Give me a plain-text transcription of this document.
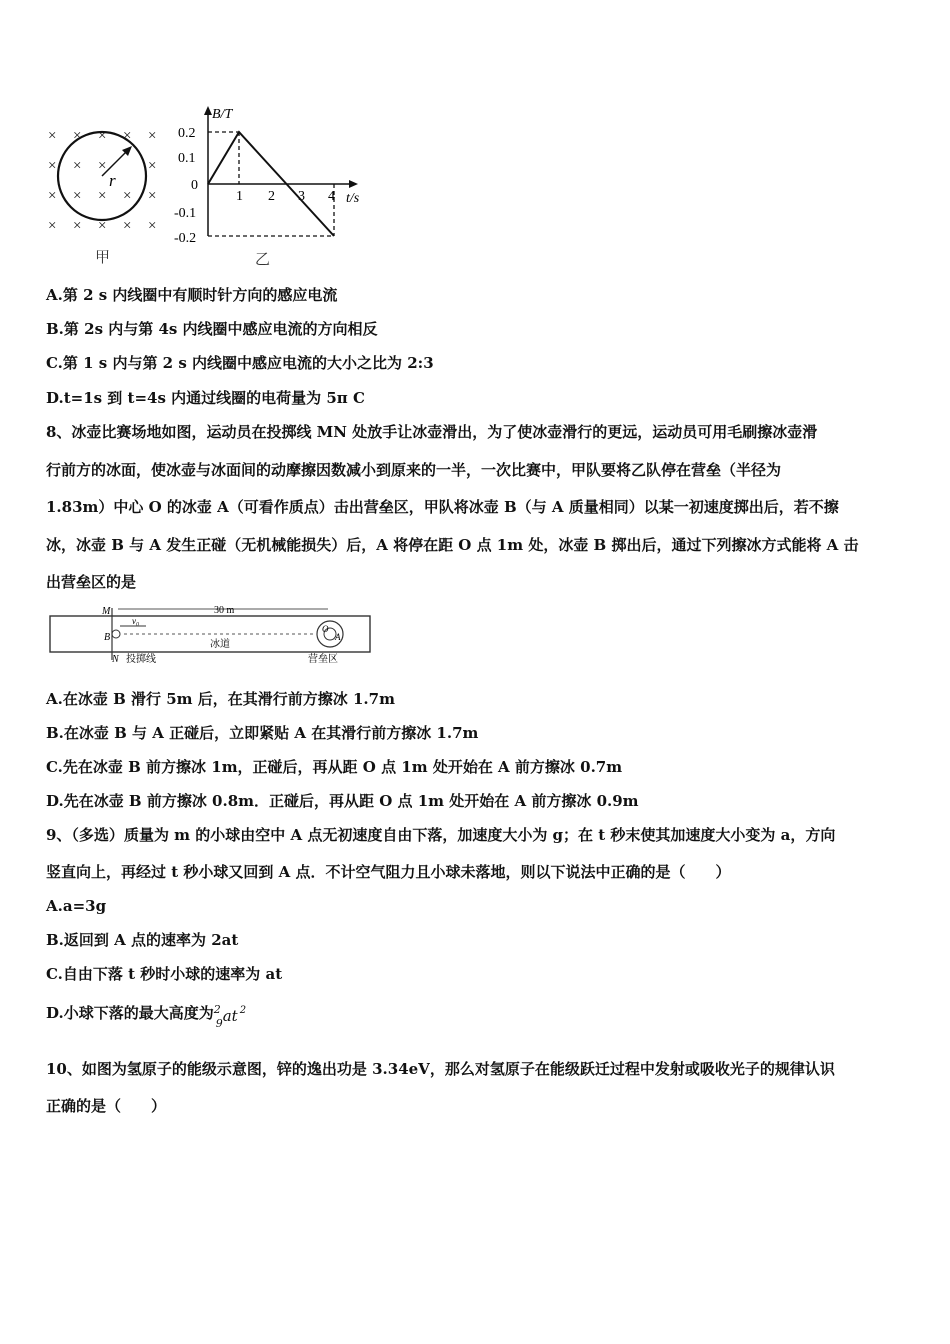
× × × × ×
× × ×	×
× × × × ×
× × × × ×
r
甲
B/T
t/s
0.2
0.1
0
-0.1
-0.2
1 2 3 4
乙
A.第 2 s 内线圈中有顺时针方向的感应电流
B.第 2s 内与第 4s 内线圈中感应电流的方向相反
C.第 1 s 内与第 2 s 内线圈中感应电流的大小之比为 2:3
D.t=1s 到 t=4s 内通过线圈的电荷量为 5π C
8、冰壶比赛场地如图，运动员在投掷线 MN 处放手让冰壶滑出，为了使冰壶滑行的更远，运动员可用毛刷擦冰壶滑
行前方的冰面，使冰壶与冰面间的动摩擦因数减小到原来的一半，一次比赛中，甲队要将乙队停在营垒（半径为
1.83m）中心 O 的冰壶 A（可看作质点）击出营垒区，甲队将冰壶 B（与 A 质量相同）以某一初速度掷出后，若不擦
冰，冰壶 B 与 A 发生正碰（无机械能损失）后，A 将停在距 O 点 1m 处，冰壶 B 掷出后，通过下列擦冰方式能将 A 击
出营垒区的是
30 m
M
N
B
v₀
冰道
O
A
投掷线	营垒区
A.在冰壶 B 滑行 5m 后，在其滑行前方擦冰 1.7m
B.在冰壶 B 与 A 正碰后，立即紧贴 A 在其滑行前方擦冰 1.7m
C.先在冰壶 B 前方擦冰 1m，正碰后，再从距 O 点 1m 处开始在 A 前方擦冰 0.7m
D.先在冰壶 B 前方擦冰 0.8m．正碰后，再从距 O 点 1m 处开始在 A 前方擦冰 0.9m
9、（多选）质量为 m 的小球由空中 A 点无初速度自由下落，加速度大小为 g；在 t 秒末使其加速度大小变为 a，方向
竖直向上，再经过 t 秒小球又回到 A 点．不计空气阻力且小球未落地，则以下说法中正确的是（　　）
A.a=3g
B.返回到 A 点的速率为 2at
C.自由下落 t 秒时小球的速率为 at
D.小球下落的最大高度为 2
9 at 2
10、如图为氢原子的能级示意图，锌的逸出功是 3.34eV，那么对氢原子在能级跃迁过程中发射或吸收光子的规律认识
正确的是（　　）
